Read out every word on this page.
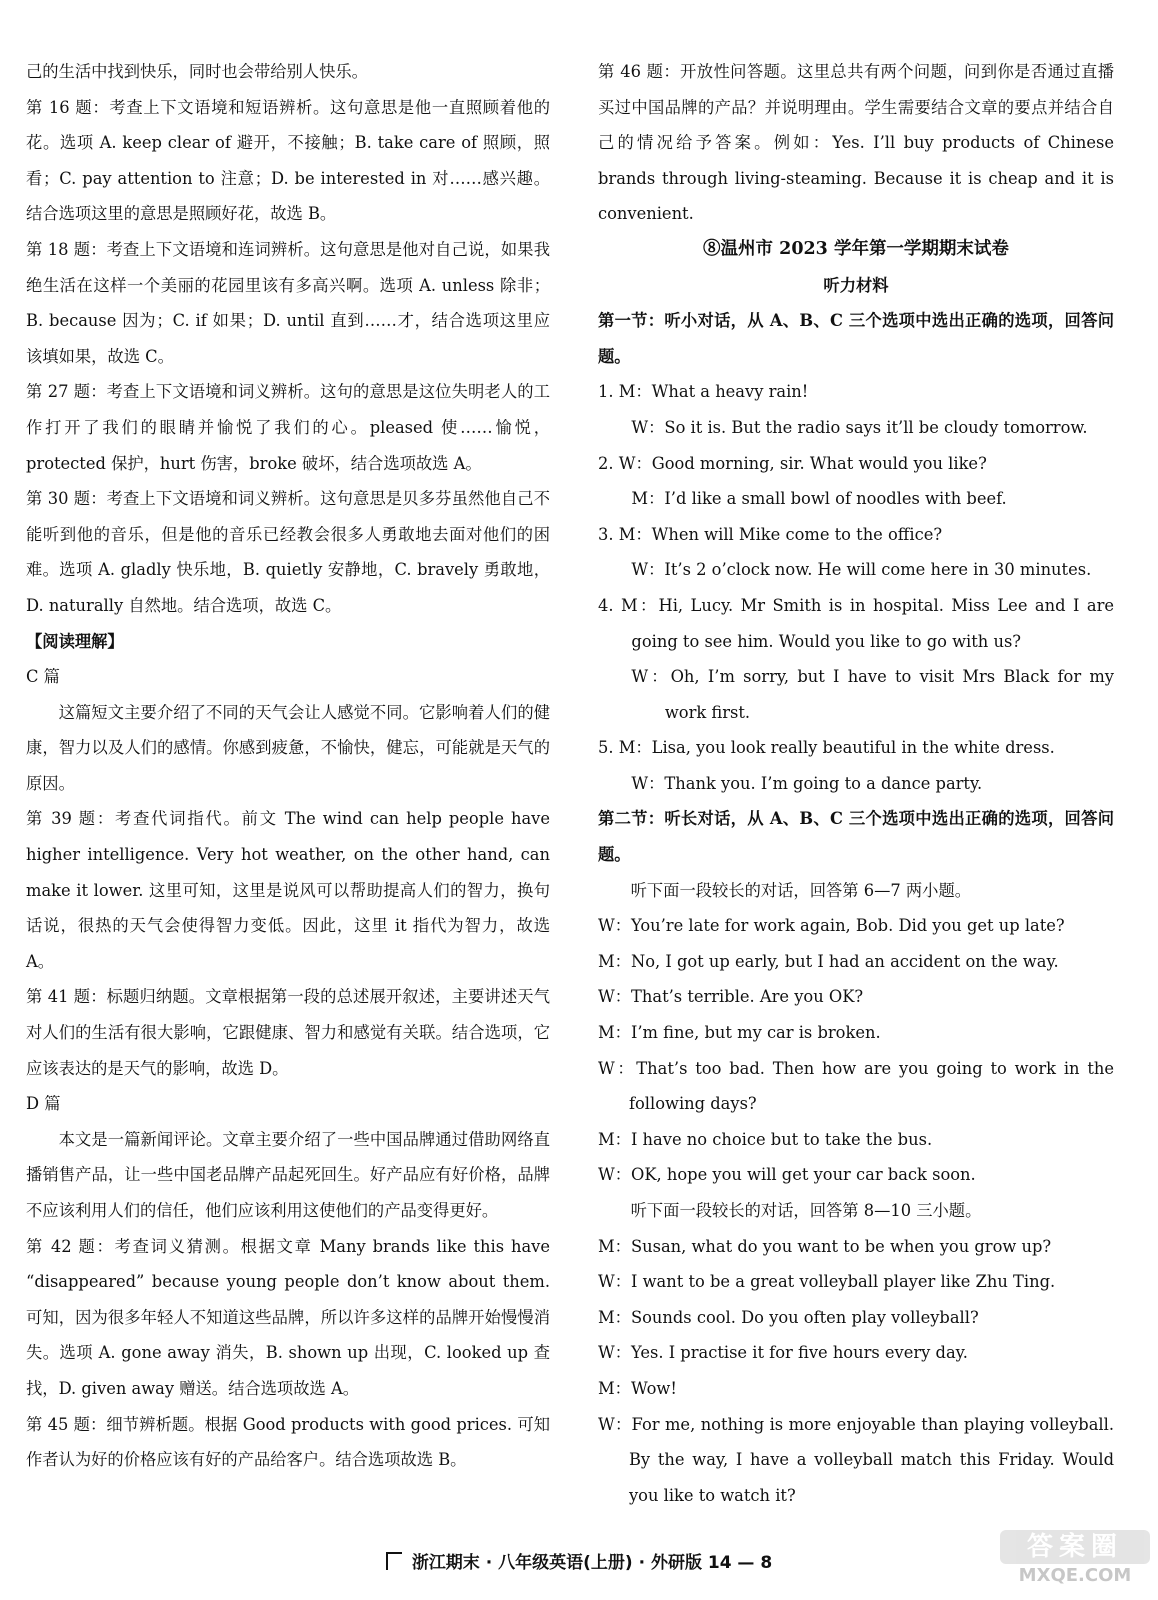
己的生活中找到快乐，同时也会带给别人快乐。

第 16 题：考查上下文语境和短语辨析。这句意思是他一直照顾着他的花。选项 A. keep clear of 避开，不接触；B. take care of 照顾，照看；C. pay attention to 注意；D. be interested in 对……感兴趣。结合选项这里的意思是照顾好花，故选 B。

第 18 题：考查上下文语境和连词辨析。这句意思是他对自己说，如果我绝生活在这样一个美丽的花园里该有多高兴啊。选项 A. unless 除非；B. because 因为；C. if 如果；D. until 直到……才，结合选项这里应该填如果，故选 C。

第 27 题：考查上下文语境和词义辨析。这句的意思是这位失明老人的工作打开了我们的眼睛并愉悦了我们的心。pleased 使……愉悦，protected 保护，hurt 伤害，broke 破坏，结合选项故选 A。

第 30 题：考查上下文语境和词义辨析。这句意思是贝多芬虽然他自己不能听到他的音乐，但是他的音乐已经教会很多人勇敢地去面对他们的困难。选项 A. gladly 快乐地，B. quietly 安静地，C. bravely 勇敢地，D. naturally 自然地。结合选项，故选 C。

【阅读理解】

C 篇

这篇短文主要介绍了不同的天气会让人感觉不同。它影响着人们的健康，智力以及人们的感情。你感到疲惫，不愉快，健忘，可能就是天气的原因。

第 39 题：考查代词指代。前文 The wind can help people have higher intelligence. Very hot weather, on the other hand, can make it lower. 这里可知，这里是说风可以帮助提高人们的智力，换句话说，很热的天气会使得智力变低。因此，这里 it 指代为智力，故选 A。

第 41 题：标题归纳题。文章根据第一段的总述展开叙述，主要讲述天气对人们的生活有很大影响，它跟健康、智力和感觉有关联。结合选项，它应该表达的是天气的影响，故选 D。

D 篇

本文是一篇新闻评论。文章主要介绍了一些中国品牌通过借助网络直播销售产品，让一些中国老品牌产品起死回生。好产品应有好价格，品牌不应该利用人们的信任，他们应该利用这使他们的产品变得更好。

第 42 题：考查词义猜测。根据文章 Many brands like this have “disappeared” because young people don’t know about them. 可知，因为很多年轻人不知道这些品牌，所以许多这样的品牌开始慢慢消失。选项 A. gone away 消失，B. shown up 出现，C. looked up 查找，D. given away 赠送。结合选项故选 A。

第 45 题：细节辨析题。根据 Good products with good prices. 可知作者认为好的价格应该有好的产品给客户。结合选项故选 B。

第 46 题：开放性问答题。这里总共有两个问题，问到你是否通过直播买过中国品牌的产品？并说明理由。学生需要结合文章的要点并结合自己的情况给予答案。例如：Yes. I’ll buy products of Chinese brands through living-steaming. Because it is cheap and it is convenient.

⑧温州市 2023 学年第一学期期末试卷

听力材料

第一节：听小对话，从 A、B、C 三个选项中选出正确的选项，回答问题。

1. M：What a heavy rain!

W：So it is. But the radio says it’ll be cloudy tomorrow.

2. W：Good morning, sir. What would you like?

M：I’d like a small bowl of noodles with beef.

3. M：When will Mike come to the office?

W：It’s 2 o’clock now. He will come here in 30 minutes.

4. M：Hi, Lucy. Mr Smith is in hospital. Miss Lee and I are going to see him. Would you like to go with us?

W：Oh, I’m sorry, but I have to visit Mrs Black for my work first.

5. M：Lisa, you look really beautiful in the white dress.

W：Thank you. I’m going to a dance party.

第二节：听长对话，从 A、B、C 三个选项中选出正确的选项，回答问题。

听下面一段较长的对话，回答第 6—7 两小题。

W：You’re late for work again, Bob. Did you get up late?

M：No, I got up early, but I had an accident on the way.

W：That’s terrible. Are you OK?

M：I’m fine, but my car is broken.

W：That’s too bad. Then how are you going to work in the following days?

M：I have no choice but to take the bus.

W：OK, hope you will get your car back soon.

听下面一段较长的对话，回答第 8—10 三小题。

M：Susan, what do you want to be when you grow up?

W：I want to be a great volleyball player like Zhu Ting.

M：Sounds cool. Do you often play volleyball?

W：Yes. I practise it for five hours every day.

M：Wow!

W：For me, nothing is more enjoyable than playing volleyball. By the way, I have a volleyball match this Friday. Would you like to watch it?

浙江期末 · 八年级英语(上册) · 外研版 14 — 8
答案圈
MXQE.COM
